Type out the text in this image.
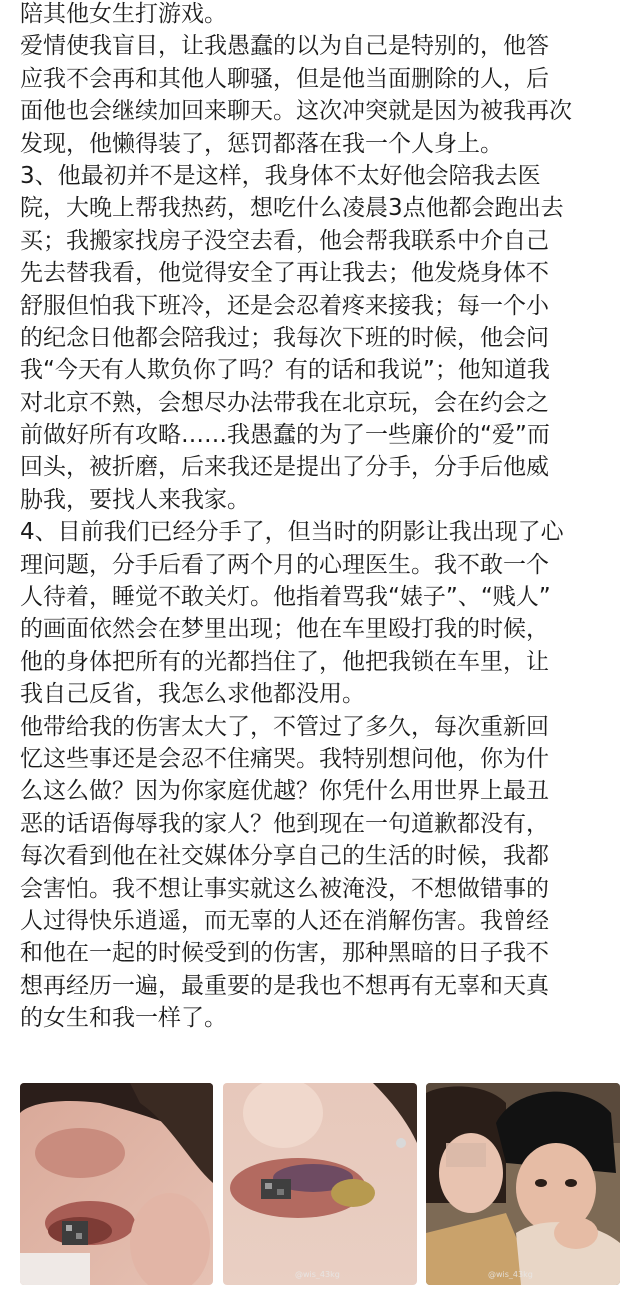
陪其他女生打游戏。
爱情使我盲目，让我愚蠢的以为自己是特别的，他答
应我不会再和其他人聊骚，但是他当面删除的人，后
面他也会继续加回来聊天。这次冲突就是因为被我再次
发现，他懒得装了，惩罚都落在我一个人身上。
3、他最初并不是这样，我身体不太好他会陪我去医
院，大晚上帮我热药，想吃什么凌晨3点他都会跑出去
买；我搬家找房子没空去看，他会帮我联系中介自己
先去替我看，他觉得安全了再让我去；他发烧身体不
舒服但怕我下班冷，还是会忍着疼来接我；每一个小
的纪念日他都会陪我过；我每次下班的时候，他会问
我“今天有人欺负你了吗？有的话和我说”；他知道我
对北京不熟，会想尽办法带我在北京玩，会在约会之
前做好所有攻略……我愚蠢的为了一些廉价的“爱”而
回头，被折磨，后来我还是提出了分手，分手后他威
胁我，要找人来我家。
4、目前我们已经分手了，但当时的阴影让我出现了心
理问题，分手后看了两个月的心理医生。我不敢一个
人待着，睡觉不敢关灯。他指着骂我“婊子”、“贱人”
的画面依然会在梦里出现；他在车里殴打我的时候，
他的身体把所有的光都挡住了，他把我锁在车里，让
我自己反省，我怎么求他都没用。
他带给我的伤害太大了，不管过了多久，每次重新回
忆这些事还是会忍不住痛哭。我特别想问他，你为什
么这么做？因为你家庭优越？你凭什么用世界上最丑
恶的话语侮辱我的家人？他到现在一句道歉都没有，
每次看到他在社交媒体分享自己的生活的时候，我都
会害怕。我不想让事实就这么被淹没，不想做错事的
人过得快乐逍遥，而无辜的人还在消解伤害。我曾经
和他在一起的时候受到的伤害，那种黑暗的日子我不
想再经历一遍，最重要的是我也不想再有无辜和天真
的女生和我一样了。
@wis_43kg	@wis_43kg
